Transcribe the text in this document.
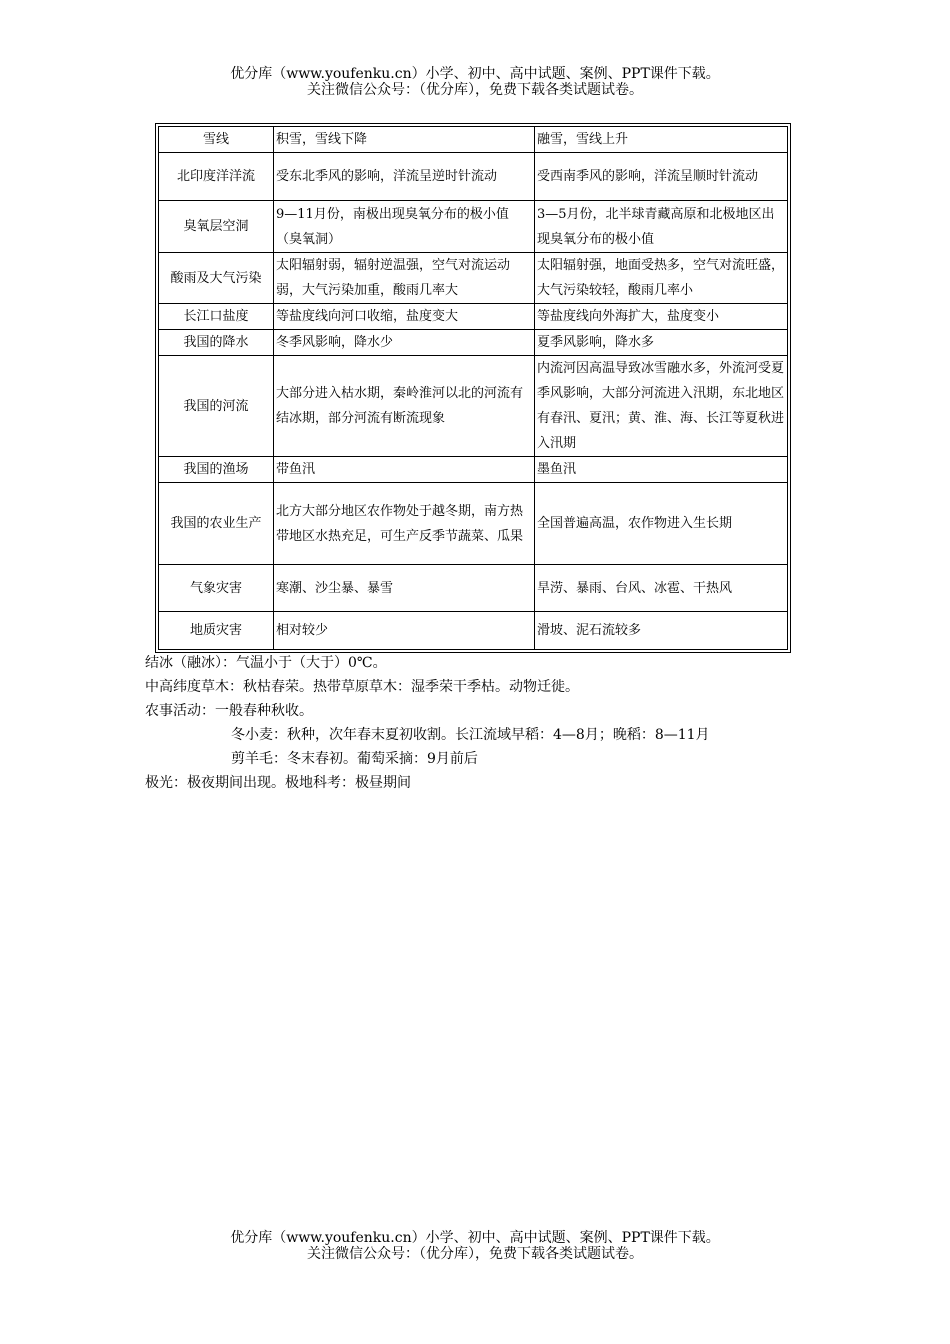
优分库（www.youfenku.cn）小学、初中、高中试题、案例、PPT课件下载。
关注微信公众号：（优分库），免费下载各类试题试卷。
雪线	积雪，雪线下降	融雪，雪线上升
北印度洋洋流	受东北季风的影响，洋流呈逆时针流动	受西南季风的影响，洋流呈顺时针流动
臭氧层空洞	9—11月份，南极出现臭氧分布的极小值（臭氧洞）	3—5月份，北半球青藏高原和北极地区出现臭氧分布的极小值
酸雨及大气污染	太阳辐射弱，辐射逆温强，空气对流运动弱，大气污染加重，酸雨几率大	太阳辐射强，地面受热多，空气对流旺盛，大气污染较轻，酸雨几率小
长江口盐度	等盐度线向河口收缩，盐度变大	等盐度线向外海扩大，盐度变小
我国的降水	冬季风影响，降水少	夏季风影响，降水多
我国的河流	大部分进入枯水期，秦岭淮河以北的河流有结冰期，部分河流有断流现象	内流河因高温导致冰雪融水多，外流河受夏季风影响，大部分河流进入汛期，东北地区有春汛、夏汛；黄、淮、海、长江等夏秋进入汛期
我国的渔场	带鱼汛	墨鱼汛
我国的农业生产	北方大部分地区农作物处于越冬期，南方热带地区水热充足，可生产反季节蔬菜、瓜果	全国普遍高温，农作物进入生长期
气象灾害	寒潮、沙尘暴、暴雪	旱涝、暴雨、台风、冰雹、干热风
地质灾害	相对较少	滑坡、泥石流较多
结冰（融冰）：气温小于（大于）0℃。
中高纬度草木：秋枯春荣。热带草原草木：湿季荣干季枯。动物迁徙。
农事活动：一般春种秋收。
冬小麦：秋种，次年春末夏初收割。长江流域早稻：4—8月；晚稻：8—11月
剪羊毛：冬末春初。葡萄采摘：9月前后
极光：极夜期间出现。极地科考：极昼期间
优分库（www.youfenku.cn）小学、初中、高中试题、案例、PPT课件下载。
关注微信公众号：（优分库），免费下载各类试题试卷。
